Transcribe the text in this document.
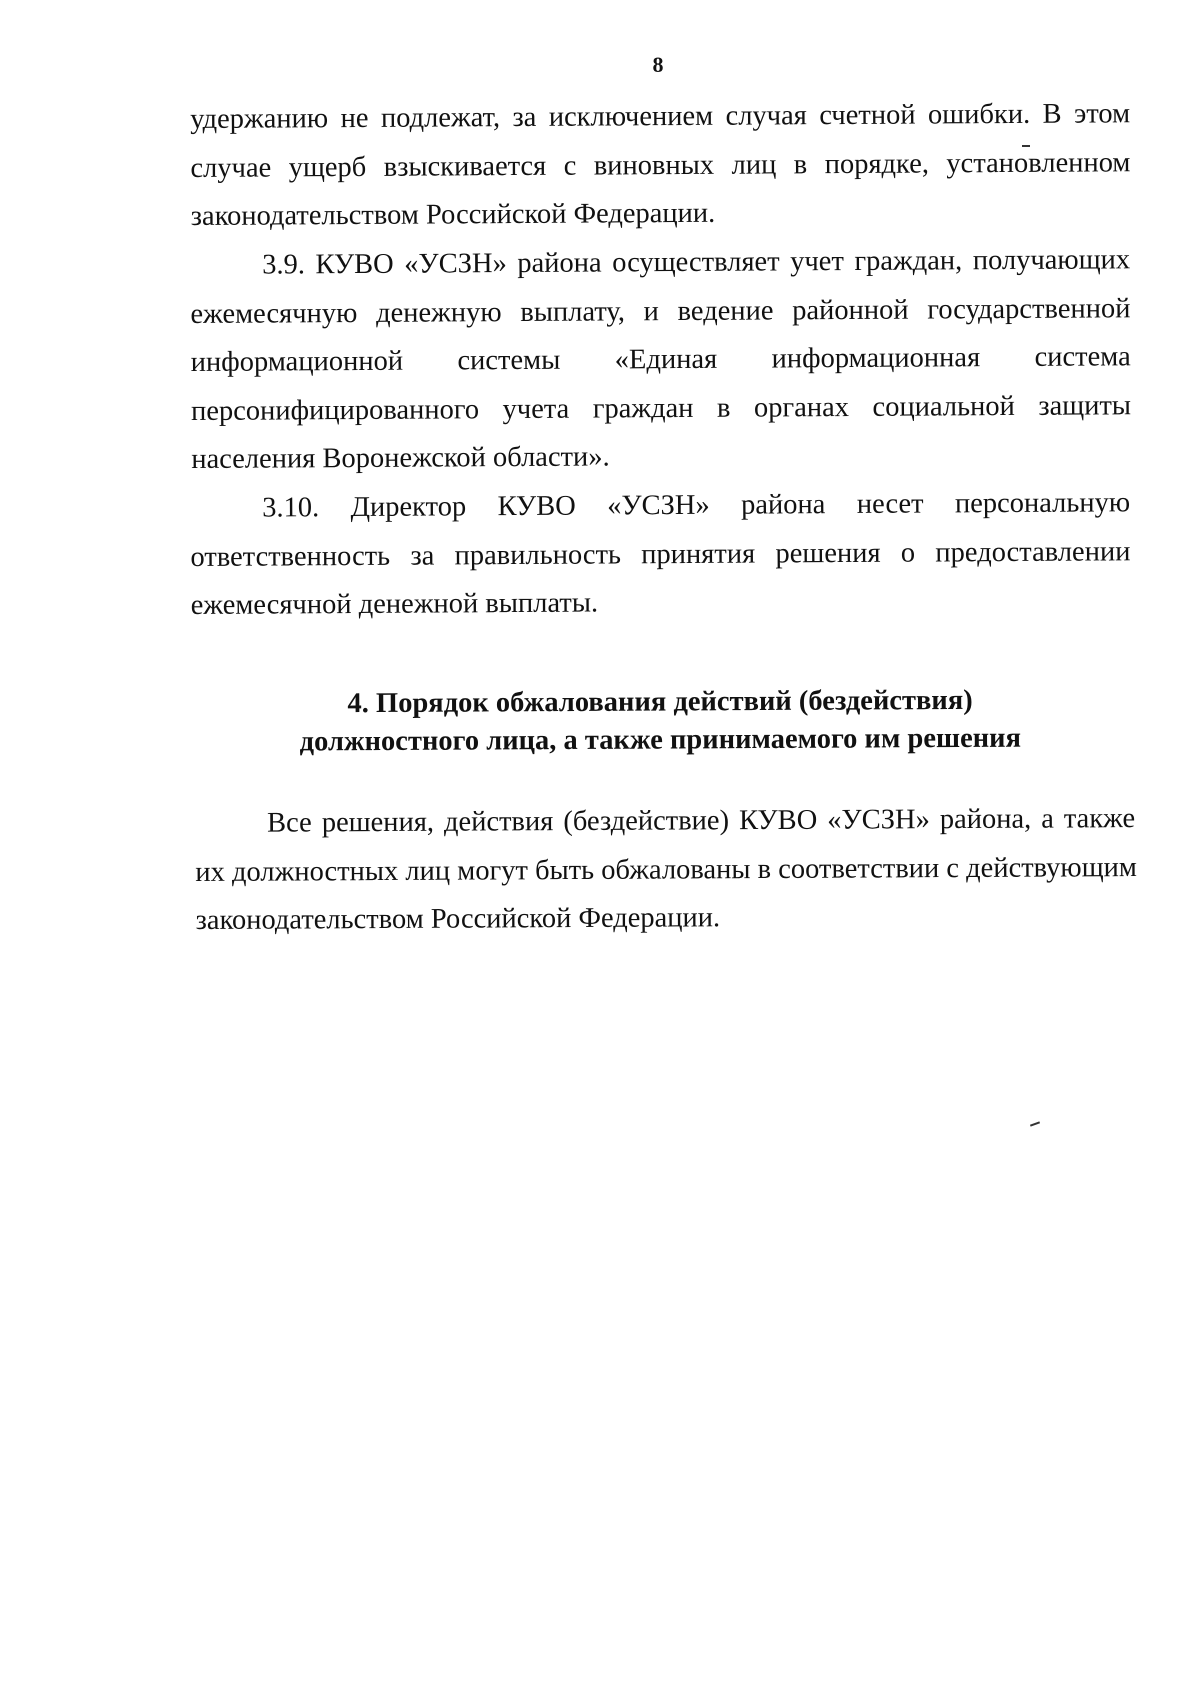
8
удержанию не подлежат, за исключением случая счетной ошибки. В этом
случае ущерб взыскивается с виновных лиц в порядке, установленном
законодательством Российской Федерации.
3.9. КУВО «УСЗН» района осуществляет учет граждан, получающих
ежемесячную денежную выплату, и ведение районной государственной
информационной системы «Единая информационная система
персонифицированного учета граждан в органах социальной защиты
населения Воронежской области».
3.10. Директор КУВО «УСЗН» района несет персональную
ответственность за правильность принятия решения о предоставлении
ежемесячной денежной выплаты.
4. Порядок обжалования действий (бездействия)
должностного лица, а также принимаемого им решения
Все решения, действия (бездействие) КУВО «УСЗН» района, а также
их должностных лиц могут быть обжалованы в соответствии с действующим
законодательством Российской Федерации.
